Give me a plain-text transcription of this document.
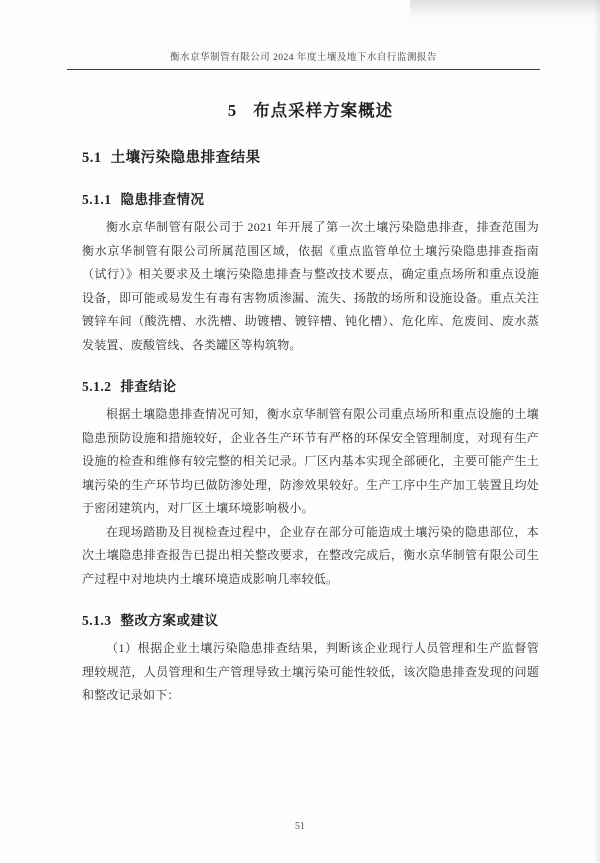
衡水京华制管有限公司 2024 年度土壤及地下水自行监测报告
5 布点采样方案概述
5.1 土壤污染隐患排查结果
5.1.1 隐患排查情况

衡水京华制管有限公司于 2021 年开展了第一次土壤污染隐患排查，排查范围为衡水京华制管有限公司所属范围区域，依据《重点监管单位土壤污染隐患排查指南（试行）》相关要求及土壤污染隐患排查与整改技术要点，确定重点场所和重点设施设备，即可能或易发生有毒有害物质渗漏、流失、扬散的场所和设施设备。重点关注镀锌车间（酸洗槽、水洗槽、助镀槽、镀锌槽、钝化槽）、危化库、危废间、废水蒸发装置、废酸管线、各类罐区等构筑物。

5.1.2 排查结论

根据土壤隐患排查情况可知，衡水京华制管有限公司重点场所和重点设施的土壤隐患预防设施和措施较好，企业各生产环节有严格的环保安全管理制度，对现有生产设施的检查和维修有较完整的相关记录。厂区内基本实现全部硬化，主要可能产生土壤污染的生产环节均已做防渗处理，防渗效果较好。生产工序中生产加工装置且均处于密闭建筑内，对厂区土壤环境影响极小。

在现场踏勘及目视检查过程中，企业存在部分可能造成土壤污染的隐患部位，本次土壤隐患排查报告已提出相关整改要求，在整改完成后，衡水京华制管有限公司生产过程中对地块内土壤环境造成影响几率较低。

5.1.3 整改方案或建议

（1）根据企业土壤污染隐患排查结果，判断该企业现行人员管理和生产监督管理较规范，人员管理和生产管理导致土壤污染可能性较低，该次隐患排查发现的问题和整改记录如下：

51
